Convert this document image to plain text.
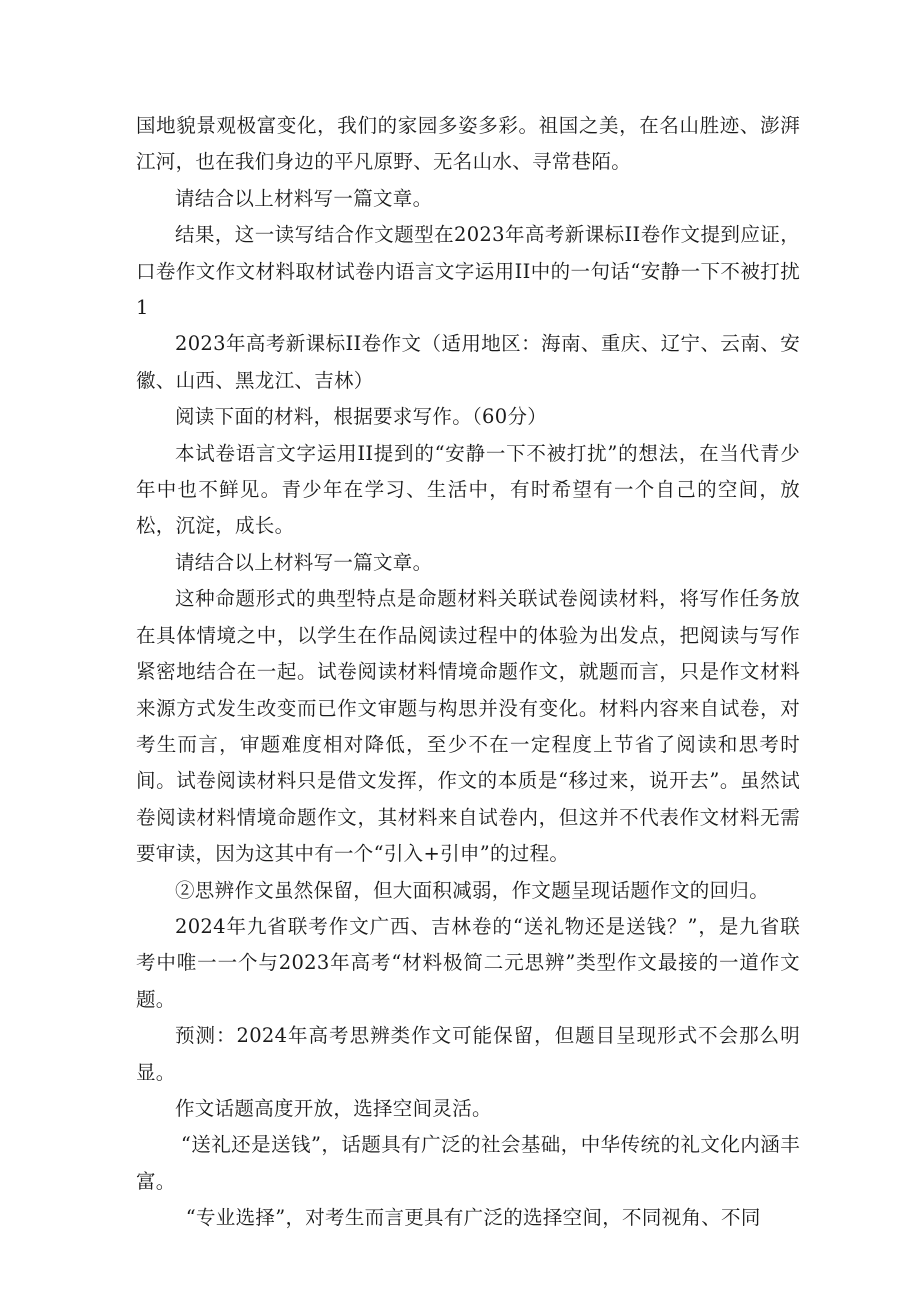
国地貌景观极富变化，我们的家园多姿多彩。祖国之美，在名山胜迹、澎湃江河，也在我们身边的平凡原野、无名山水、寻常巷陌。

请结合以上材料写一篇文章。

结果，这一读写结合作文题型在2023年高考新课标II卷作文提到应证，口卷作文作文材料取材试卷内语言文字运用II中的一句话“安静一下不被打扰1

2023年高考新课标II卷作文（适用地区：海南、重庆、辽宁、云南、安徽、山西、黑龙江、吉林）

阅读下面的材料，根据要求写作。（60分）

本试卷语言文字运用II提到的“安静一下不被打扰”的想法，在当代青少年中也不鲜见。青少年在学习、生活中，有时希望有一个自己的空间，放松，沉淀，成长。

请结合以上材料写一篇文章。

这种命题形式的典型特点是命题材料关联试卷阅读材料，将写作任务放在具体情境之中，以学生在作品阅读过程中的体验为出发点，把阅读与写作紧密地结合在一起。试卷阅读材料情境命题作文，就题而言，只是作文材料来源方式发生改变而已作文审题与构思并没有变化。材料内容来自试卷，对考生而言，审题难度相对降低，至少不在一定程度上节省了阅读和思考时间。试卷阅读材料只是借文发挥，作文的本质是“移过来，说开去”。虽然试卷阅读材料情境命题作文，其材料来自试卷内，但这并不代表作文材料无需要审读，因为这其中有一个“引入+引申”的过程。

②思辨作文虽然保留，但大面积减弱，作文题呈现话题作文的回归。

2024年九省联考作文广西、吉林卷的“送礼物还是送钱？”，是九省联考中唯一一个与2023年高考“材料极简二元思辨”类型作文最接的一道作文题。

预测：2024年高考思辨类作文可能保留，但题目呈现形式不会那么明显。

作文话题高度开放，选择空间灵活。

“送礼还是送钱”，话题具有广泛的社会基础，中华传统的礼文化内涵丰富。

“专业选择”，对考生而言更具有广泛的选择空间，不同视角、不同
